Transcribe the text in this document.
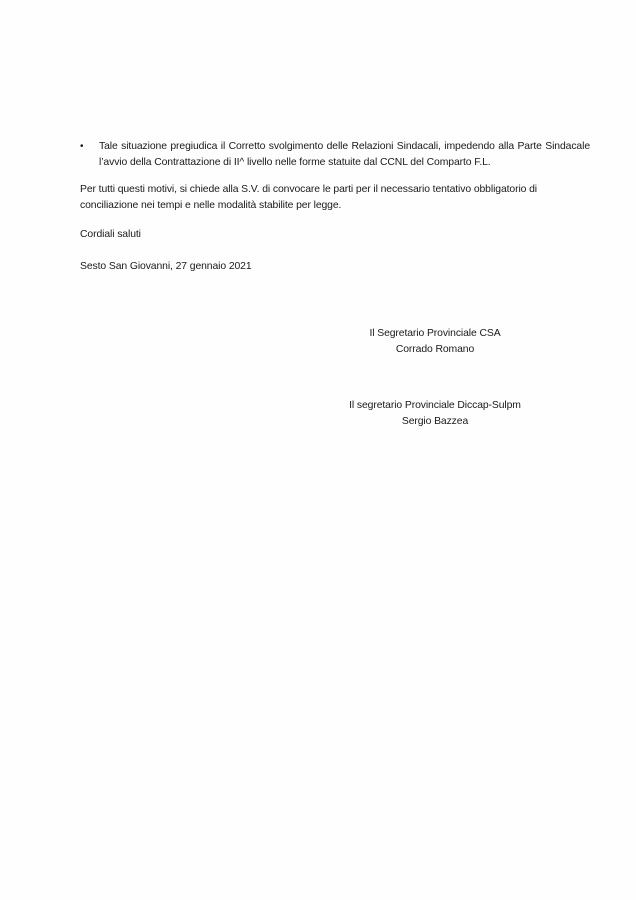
•	Tale situazione pregiudica il Corretto svolgimento delle Relazioni Sindacali, impedendo alla Parte Sindacale l’avvio della Contrattazione di II^ livello nelle forme statuite dal CCNL del Comparto F.L.
Per tutti questi motivi, si chiede alla S.V. di convocare le parti per il necessario tentativo obbligatorio di conciliazione nei tempi e nelle modalità stabilite per legge.
Cordiali saluti
Sesto San Giovanni, 27 gennaio 2021
Il Segretario Provinciale CSA
Corrado Romano
Il segretario Provinciale Diccap-Sulpm
Sergio Bazzea
